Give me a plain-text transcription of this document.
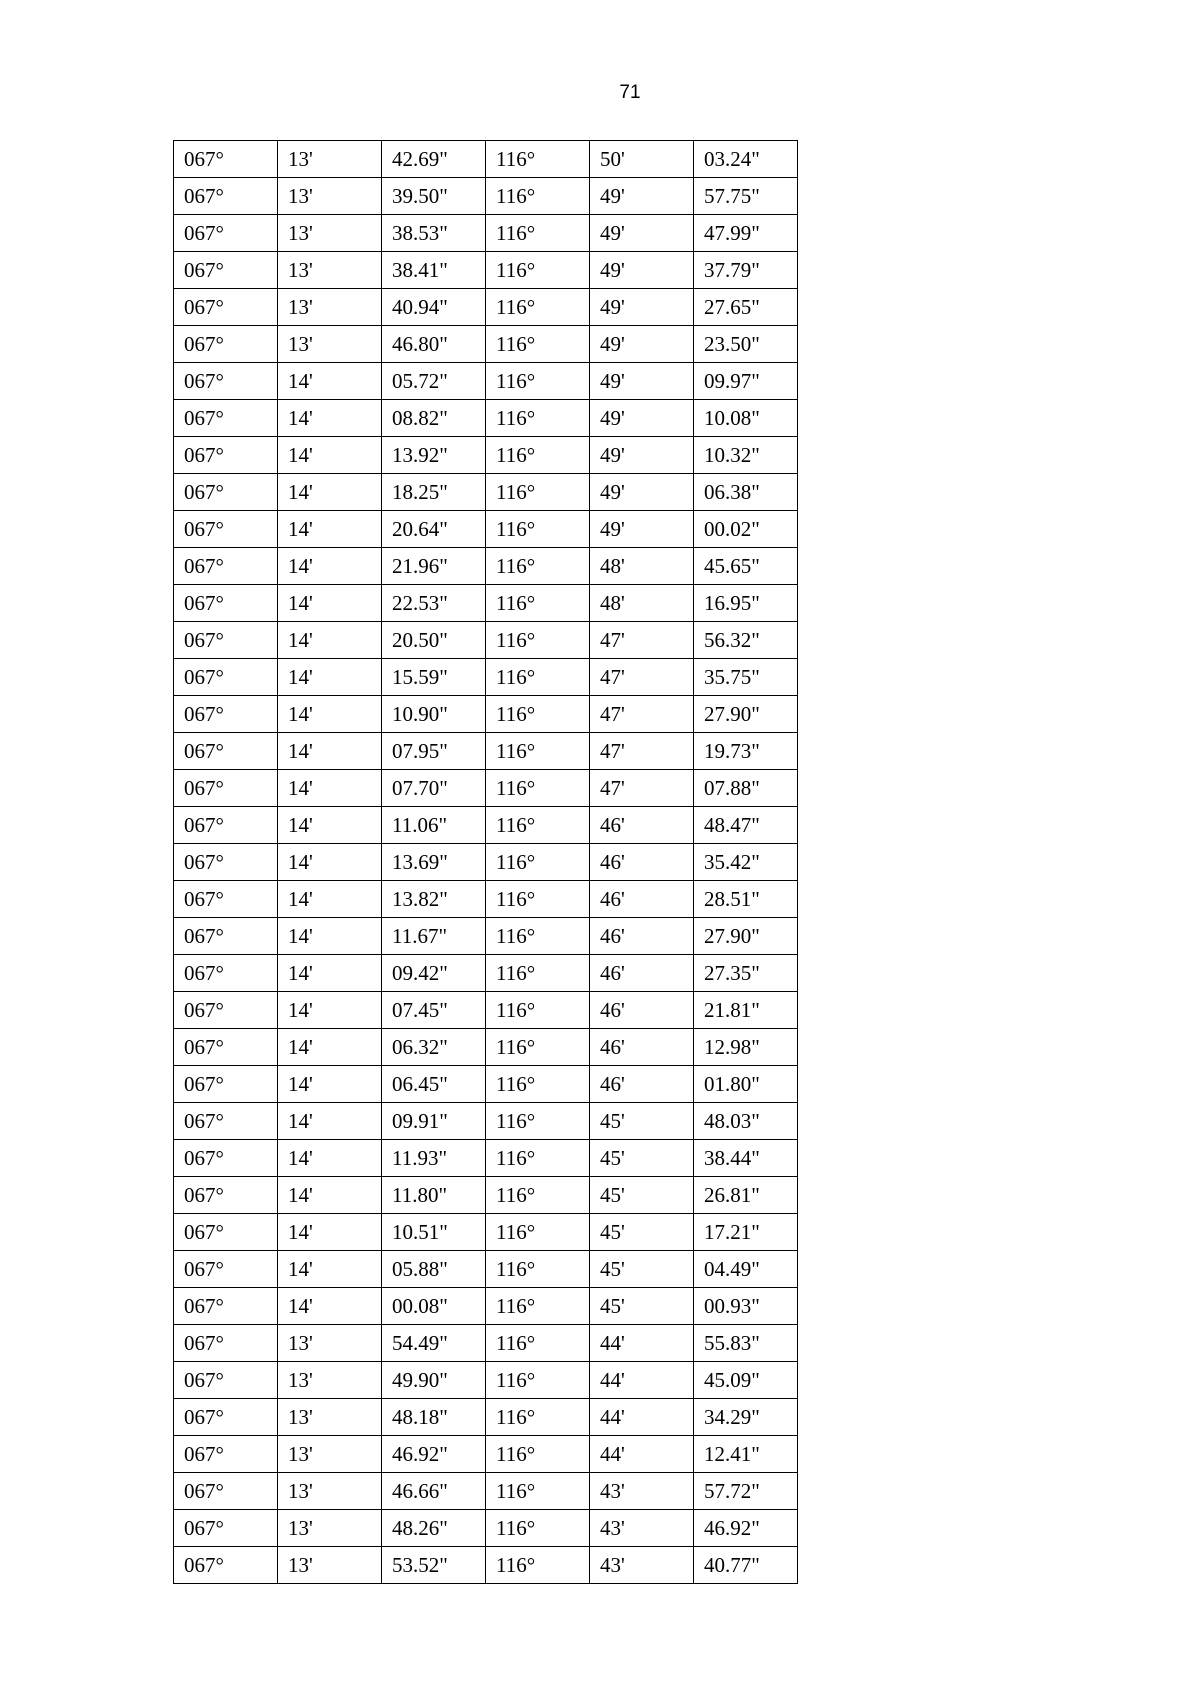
71
067°	13'	42.69"	116°	50'	03.24"
067°	13'	39.50"	116°	49'	57.75"
067°	13'	38.53"	116°	49'	47.99"
067°	13'	38.41"	116°	49'	37.79"
067°	13'	40.94"	116°	49'	27.65"
067°	13'	46.80"	116°	49'	23.50"
067°	14'	05.72"	116°	49'	09.97"
067°	14'	08.82"	116°	49'	10.08"
067°	14'	13.92"	116°	49'	10.32"
067°	14'	18.25"	116°	49'	06.38"
067°	14'	20.64"	116°	49'	00.02"
067°	14'	21.96"	116°	48'	45.65"
067°	14'	22.53"	116°	48'	16.95"
067°	14'	20.50"	116°	47'	56.32"
067°	14'	15.59"	116°	47'	35.75"
067°	14'	10.90"	116°	47'	27.90"
067°	14'	07.95"	116°	47'	19.73"
067°	14'	07.70"	116°	47'	07.88"
067°	14'	11.06"	116°	46'	48.47"
067°	14'	13.69"	116°	46'	35.42"
067°	14'	13.82"	116°	46'	28.51"
067°	14'	11.67"	116°	46'	27.90"
067°	14'	09.42"	116°	46'	27.35"
067°	14'	07.45"	116°	46'	21.81"
067°	14'	06.32"	116°	46'	12.98"
067°	14'	06.45"	116°	46'	01.80"
067°	14'	09.91"	116°	45'	48.03"
067°	14'	11.93"	116°	45'	38.44"
067°	14'	11.80"	116°	45'	26.81"
067°	14'	10.51"	116°	45'	17.21"
067°	14'	05.88"	116°	45'	04.49"
067°	14'	00.08"	116°	45'	00.93"
067°	13'	54.49"	116°	44'	55.83"
067°	13'	49.90"	116°	44'	45.09"
067°	13'	48.18"	116°	44'	34.29"
067°	13'	46.92"	116°	44'	12.41"
067°	13'	46.66"	116°	43'	57.72"
067°	13'	48.26"	116°	43'	46.92"
067°	13'	53.52"	116°	43'	40.77"
